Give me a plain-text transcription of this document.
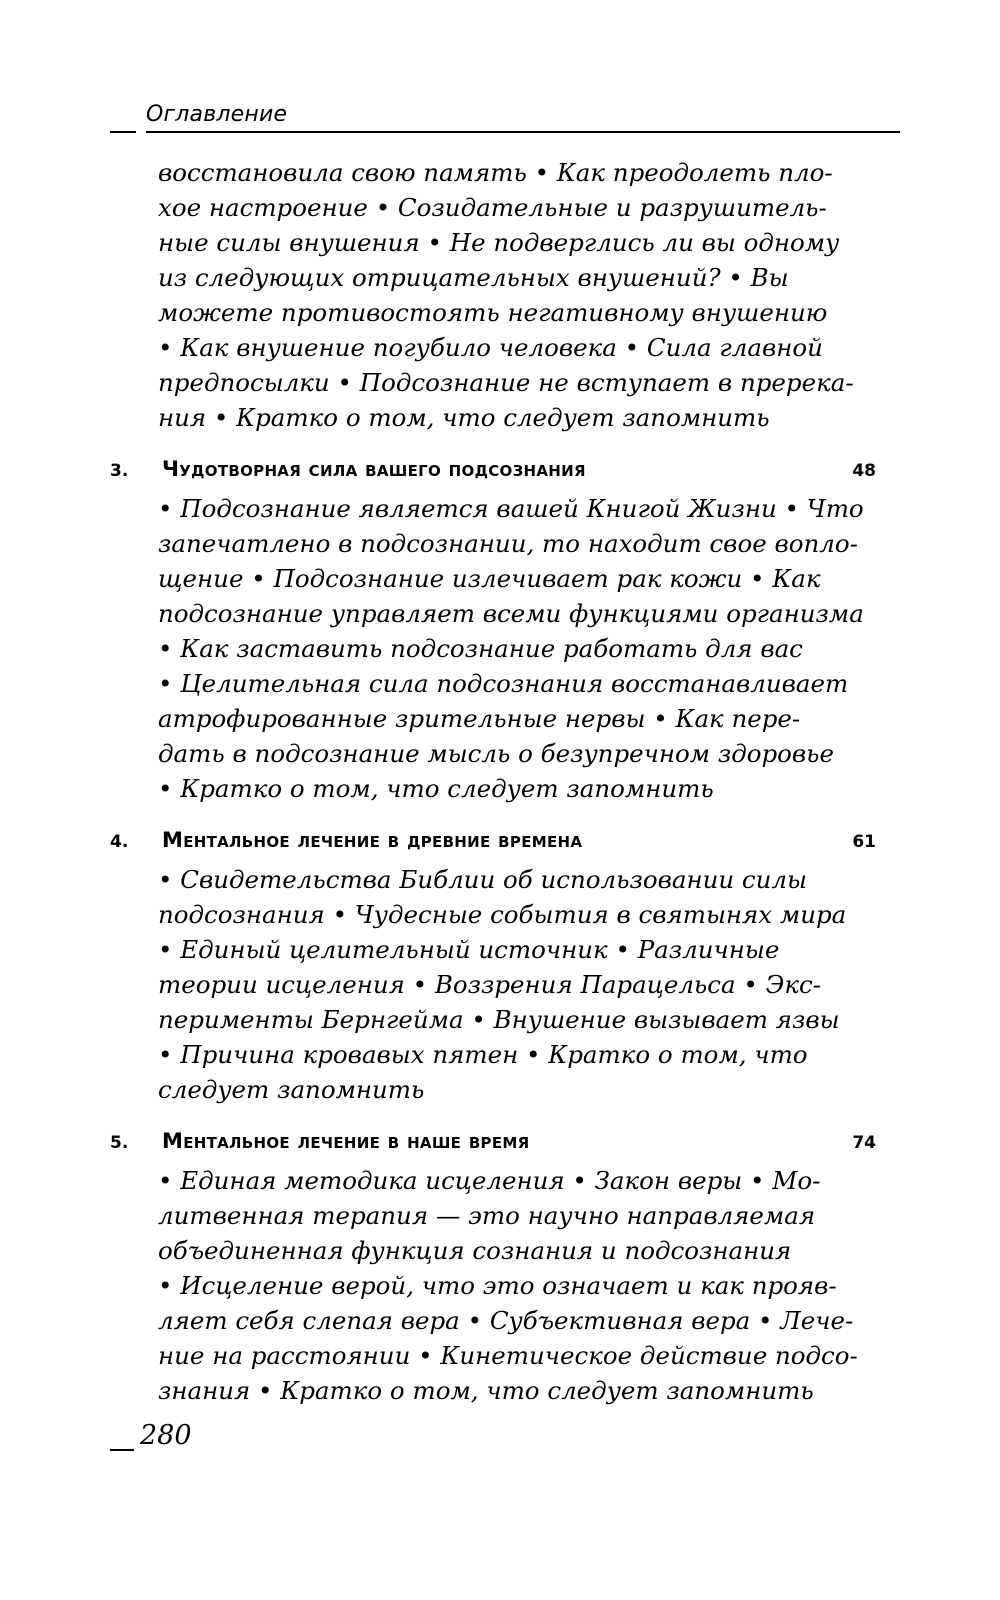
Оглавление
восстановила свою память • Как преодолеть пло-
хое настроение • Созидательные и разрушитель-
ные силы внушения • Не подверглись ли вы одному
из следующих отрицательных внушений? • Вы
можете противостоять негативному внушению
• Как внушение погубило человека • Сила главной
предпосылки • Подсознание не вступает в пререка-
ния • Кратко о том, что следует запомнить
3. Чудотворная сила вашего подсознания	48
• Подсознание является вашей Книгой Жизни • Что
запечатлено в подсознании, то находит свое вопло-
щение • Подсознание излечивает рак кожи • Как
подсознание управляет всеми функциями организма
• Как заставить подсознание работать для вас
• Целительная сила подсознания восстанавливает
атрофированные зрительные нервы • Как пере-
дать в подсознание мысль о безупречном здоровье
• Кратко о том, что следует запомнить
4. Ментальное лечение в древние времена	61
• Свидетельства Библии об использовании силы
подсознания • Чудесные события в святынях мира
• Единый целительный источник • Различные
теории исцеления • Воззрения Парацельса • Экс-
перименты Бернгейма • Внушение вызывает язвы
• Причина кровавых пятен • Кратко о том, что
следует запомнить
5. Ментальное лечение в наше время	74
• Единая методика исцеления • Закон веры • Мо-
литвенная терапия — это научно направляемая
объединенная функция сознания и подсознания
• Исцеление верой, что это означает и как прояв-
ляет себя слепая вера • Субъективная вера • Лече-
ние на расстоянии • Кинетическое действие подсо-
знания • Кратко о том, что следует запомнить
280
